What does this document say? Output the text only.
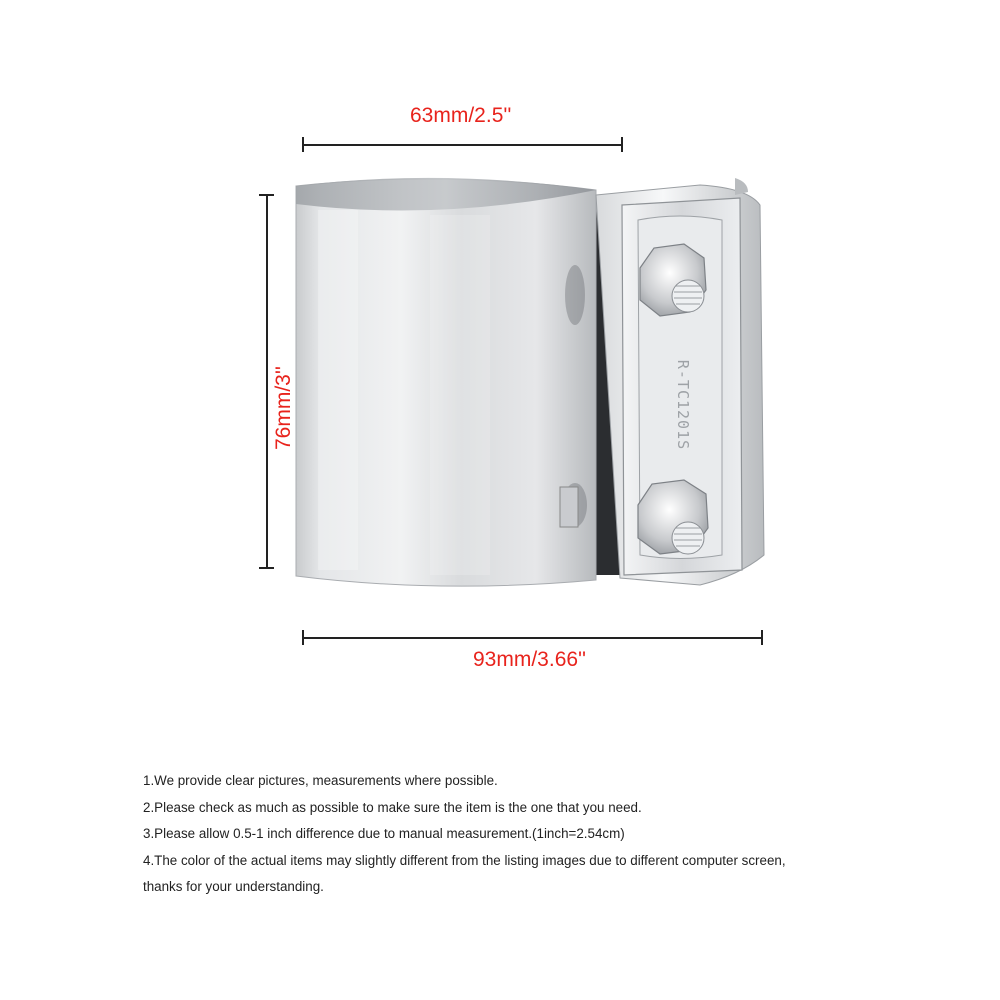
63mm/2.5''
76mm/3''
93mm/3.66''
R-TC1201S
1.We provide clear pictures, measurements where possible.
2.Please check as much as possible to make sure the item is the one that you need.
3.Please allow 0.5-1 inch difference due to manual measurement.(1inch=2.54cm)
4.The color of the actual items may slightly different from the listing images due to different computer screen,
thanks for your understanding.
